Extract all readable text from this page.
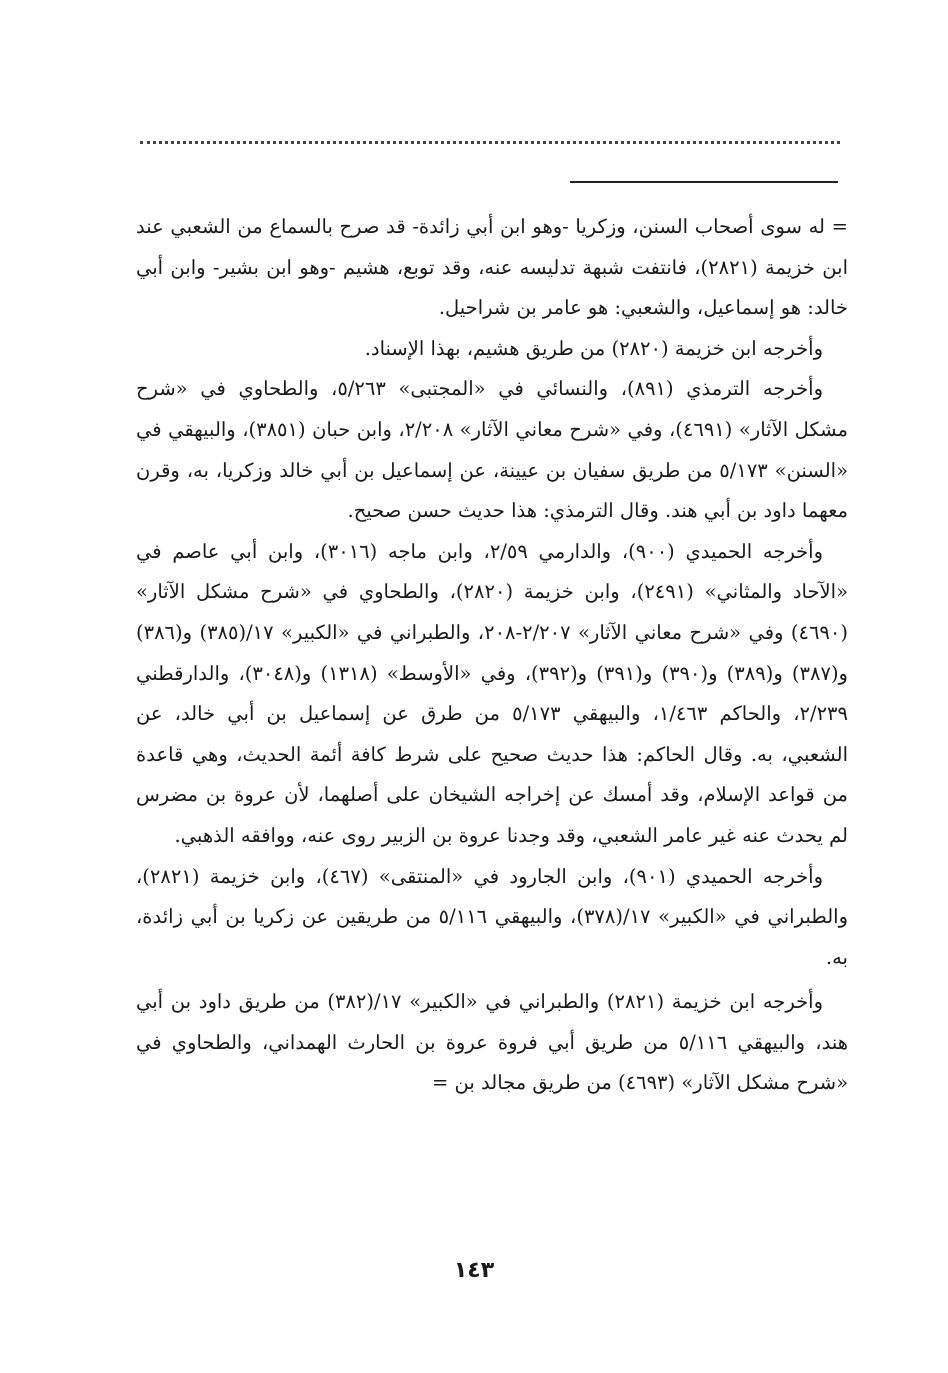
= له سوى أصحاب السنن، وزكريا -وهو ابن أبي زائدة- قد صرح بالسماع من الشعبي عند ابن خزيمة (٢٨٢١)، فانتفت شبهة تدليسه عنه، وقد توبع، هشيم -وهو ابن بشير- وابن أبي خالد: هو إسماعيل، والشعبي: هو عامر بن شراحيل.

وأخرجه ابن خزيمة (٢٨٢٠) من طريق هشيم، بهذا الإسناد.

وأخرجه الترمذي (٨٩١)، والنسائي في «المجتبى» ٥/٢٦٣، والطحاوي في «شرح مشكل الآثار» (٤٦٩١)، وفي «شرح معاني الآثار» ٢/٢٠٨، وابن حبان (٣٨٥١)، والبيهقي في «السنن» ٥/١٧٣ من طريق سفيان بن عيينة، عن إسماعيل بن أبي خالد وزكريا، به، وقرن معهما داود بن أبي هند. وقال الترمذي: هذا حديث حسن صحيح.

وأخرجه الحميدي (٩٠٠)، والدارمي ٢/٥٩، وابن ماجه (٣٠١٦)، وابن أبي عاصم في «الآحاد والمثاني» (٢٤٩١)، وابن خزيمة (٢٨٢٠)، والطحاوي في «شرح مشكل الآثار» (٤٦٩٠) وفي «شرح معاني الآثار» ٢/٢٠٧-٢٠٨، والطبراني في «الكبير» ١٧/(٣٨٥) و(٣٨٦) و(٣٨٧) و(٣٨٩) و(٣٩٠) و(٣٩١) و(٣٩٢)، وفي «الأوسط» (١٣١٨) و(٣٠٤٨)، والدارقطني ٢/٢٣٩، والحاكم ١/٤٦٣، والبيهقي ٥/١٧٣ من طرق عن إسماعيل بن أبي خالد، عن الشعبي، به. وقال الحاكم: هذا حديث صحيح على شرط كافة أئمة الحديث، وهي قاعدة من قواعد الإسلام، وقد أمسك عن إخراجه الشيخان على أصلهما، لأن عروة بن مضرس لم يحدث عنه غير عامر الشعبي، وقد وجدنا عروة بن الزبير روى عنه، ووافقه الذهبي.

وأخرجه الحميدي (٩٠١)، وابن الجارود في «المنتقى» (٤٦٧)، وابن خزيمة (٢٨٢١)، والطبراني في «الكبير» ١٧/(٣٧٨)، والبيهقي ٥/١١٦ من طريقين عن زكريا بن أبي زائدة، به.

وأخرجه ابن خزيمة (٢٨٢١) والطبراني في «الكبير» ١٧/(٣٨٢) من طريق داود بن أبي هند، والبيهقي ٥/١١٦ من طريق أبي فروة عروة بن الحارث الهمداني، والطحاوي في «شرح مشكل الآثار» (٤٦٩٣) من طريق مجالد بن =

١٤٣
